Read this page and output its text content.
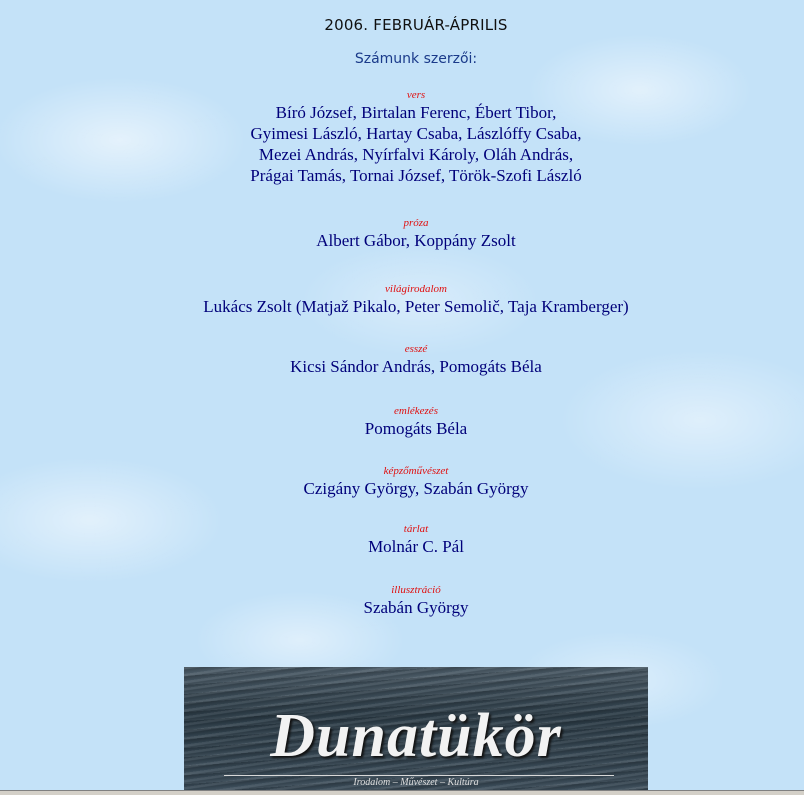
2006. FEBRUÁR-ÁPRILIS
Számunk szerzői:
vers
Bíró József, Birtalan Ferenc, Ébert Tibor,
Gyimesi László, Hartay Csaba, Lászlóffy Csaba,
Mezei András, Nyírfalvi Károly, Oláh András,
Prágai Tamás, Tornai József, Török-Szofi László
próza
Albert Gábor, Koppány Zsolt
világirodalom
Lukács Zsolt (Matjaž Pikalo, Peter Semolič, Taja Kramberger)
esszé
Kicsi Sándor András, Pomogáts Béla
emlékezés
Pomogáts Béla
képzőművészet
Czigány György, Szabán György
tárlat
Molnár C. Pál
illusztráció
Szabán György
Dunatükör
Irodalom – Művészet – Kultúra
